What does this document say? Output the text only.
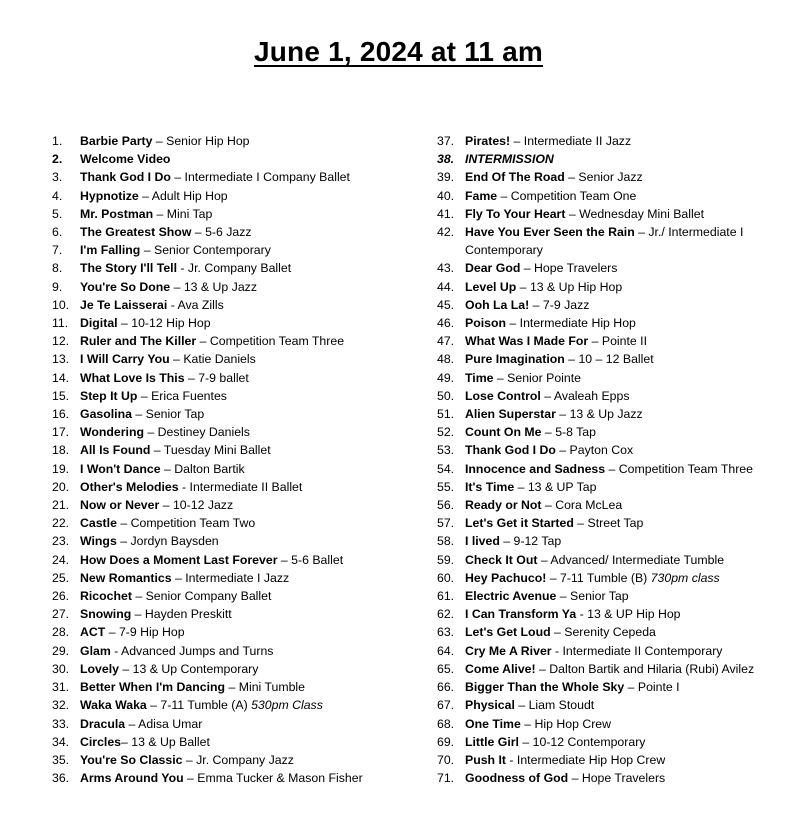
June 1, 2024 at 11 am
1.	Barbie Party – Senior Hip Hop
2.	Welcome Video
3.	Thank God I Do – Intermediate I Company Ballet
4.	Hypnotize – Adult Hip Hop
5.	Mr. Postman – Mini Tap
6.	The Greatest Show – 5-6 Jazz
7.	I'm Falling – Senior Contemporary
8.	The Story I'll Tell - Jr. Company Ballet
9.	You're So Done – 13 & Up Jazz
10. Je Te Laisserai - Ava Zills
11. Digital – 10-12 Hip Hop
12. Ruler and The Killer – Competition Team Three
13. I Will Carry You – Katie Daniels
14. What Love Is This – 7-9 ballet
15. Step It Up – Erica Fuentes
16. Gasolina – Senior Tap
17. Wondering – Destiney Daniels
18. All Is Found – Tuesday Mini Ballet
19. I Won't Dance – Dalton Bartik
20. Other's Melodies - Intermediate II Ballet
21. Now or Never – 10-12 Jazz
22. Castle – Competition Team Two
23. Wings – Jordyn Baysden
24. How Does a Moment Last Forever – 5-6 Ballet
25. New Romantics – Intermediate I Jazz
26. Ricochet – Senior Company Ballet
27. Snowing – Hayden Preskitt
28. ACT – 7-9 Hip Hop
29. Glam - Advanced Jumps and Turns
30. Lovely – 13 & Up Contemporary
31. Better When I'm Dancing – Mini Tumble
32. Waka Waka – 7-11 Tumble (A) 530pm Class
33. Dracula – Adisa Umar
34. Circles– 13 & Up Ballet
35. You're So Classic – Jr. Company Jazz
36. Arms Around You – Emma Tucker & Mason Fisher
37. Pirates! – Intermediate II Jazz
38. INTERMISSION
39. End Of The Road – Senior Jazz
40. Fame – Competition Team One
41. Fly To Your Heart – Wednesday Mini Ballet
42. Have You Ever Seen the Rain – Jr./ Intermediate I Contemporary
43. Dear God – Hope Travelers
44. Level Up – 13 & Up Hip Hop
45. Ooh La La! – 7-9 Jazz
46. Poison – Intermediate Hip Hop
47. What Was I Made For – Pointe II
48. Pure Imagination – 10 – 12 Ballet
49. Time – Senior Pointe
50. Lose Control – Avaleah Epps
51. Alien Superstar – 13 & Up Jazz
52. Count On Me – 5-8 Tap
53. Thank God I Do – Payton Cox
54. Innocence and Sadness – Competition Team Three
55. It's Time – 13 & UP Tap
56. Ready or Not – Cora McLea
57. Let's Get it Started – Street Tap
58. I lived – 9-12 Tap
59. Check It Out – Advanced/ Intermediate Tumble
60. Hey Pachuco! – 7-11 Tumble (B) 730pm class
61. Electric Avenue – Senior Tap
62. I Can Transform Ya - 13 & UP Hip Hop
63. Let's Get Loud – Serenity Cepeda
64. Cry Me A River - Intermediate II Contemporary
65. Come Alive! – Dalton Bartik and Hilaria (Rubi) Avilez
66. Bigger Than the Whole Sky – Pointe I
67. Physical – Liam Stoudt
68. One Time – Hip Hop Crew
69. Little Girl – 10-12 Contemporary
70. Push It - Intermediate Hip Hop Crew
71. Goodness of God – Hope Travelers
